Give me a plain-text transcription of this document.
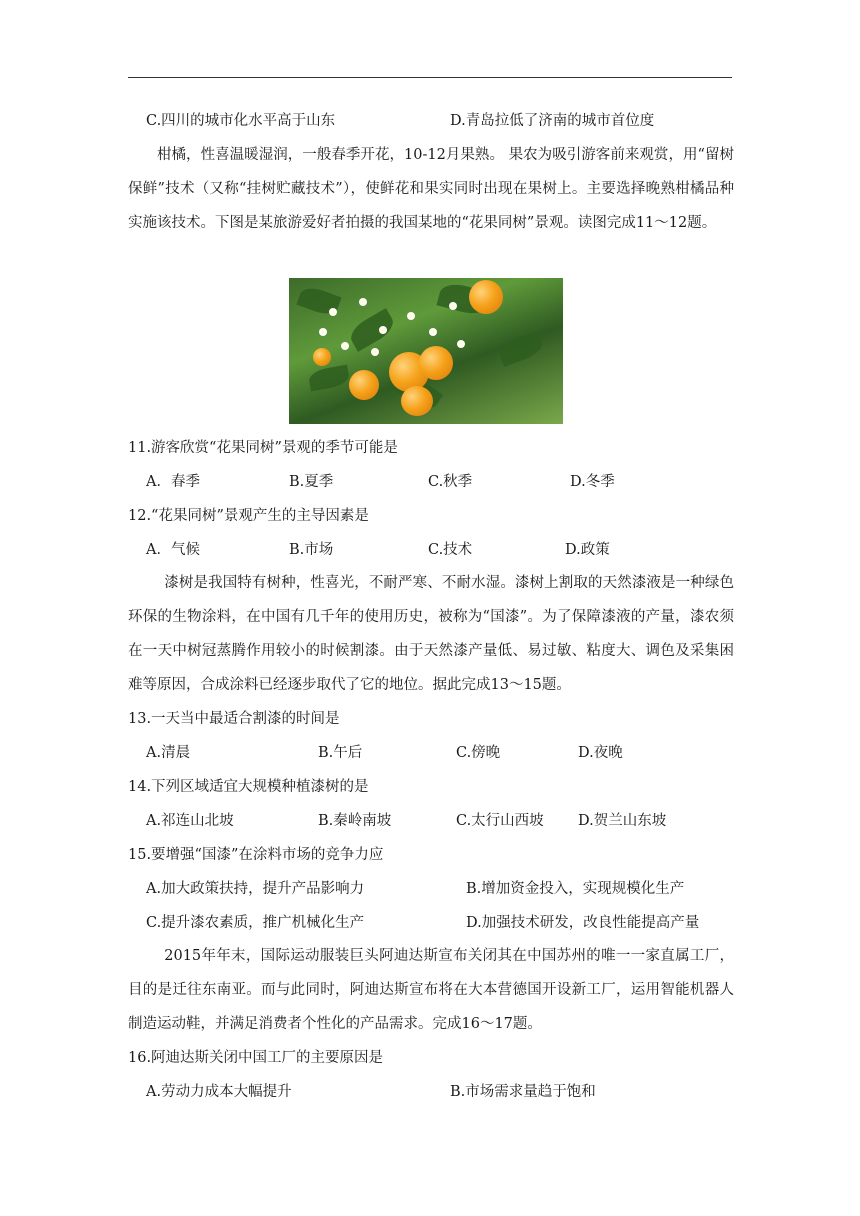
C.四川的城市化水平高于山东	D.青岛拉低了济南的城市首位度
柑橘，性喜温暖湿润，一般春季开花，10-12月果熟。 果农为吸引游客前来观赏，用“留树保鲜”技术（又称“挂树贮藏技术”），使鲜花和果实同时出现在果树上。主要选择晚熟柑橘品种实施该技术。下图是某旅游爱好者拍摄的我国某地的“花果同树”景观。读图完成11～12题。
11.游客欣赏“花果同树”景观的季节可能是
A．春季	B.夏季	C.秋季	D.冬季
12.“花果同树”景观产生的主导因素是
A．气候	B.市场	C.技术	D.政策
漆树是我国特有树种，性喜光，不耐严寒、不耐水湿。漆树上割取的天然漆液是一种绿色环保的生物涂料，在中国有几千年的使用历史，被称为“国漆”。为了保障漆液的产量，漆农须在一天中树冠蒸腾作用较小的时候割漆。由于天然漆产量低、易过敏、粘度大、调色及采集困难等原因，合成涂料已经逐步取代了它的地位。据此完成13～15题。
13.一天当中最适合割漆的时间是
A.清晨	B.午后	C.傍晚	D.夜晚
14.下列区域适宜大规模种植漆树的是
A.祁连山北坡	B.秦岭南坡	C.太行山西坡 D.贺兰山东坡
15.要增强“国漆”在涂料市场的竞争力应
A.加大政策扶持，提升产品影响力	B.增加资金投入，实现规模化生产
C.提升漆农素质，推广机械化生产	D.加强技术研发，改良性能提高产量
2015年年末，国际运动服装巨头阿迪达斯宣布关闭其在中国苏州的唯一一家直属工厂，目的是迁往东南亚。而与此同时，阿迪达斯宣布将在大本营德国开设新工厂，运用智能机器人制造运动鞋，并满足消费者个性化的产品需求。完成16～17题。
16.阿迪达斯关闭中国工厂的主要原因是
A.劳动力成本大幅提升	B.市场需求量趋于饱和
